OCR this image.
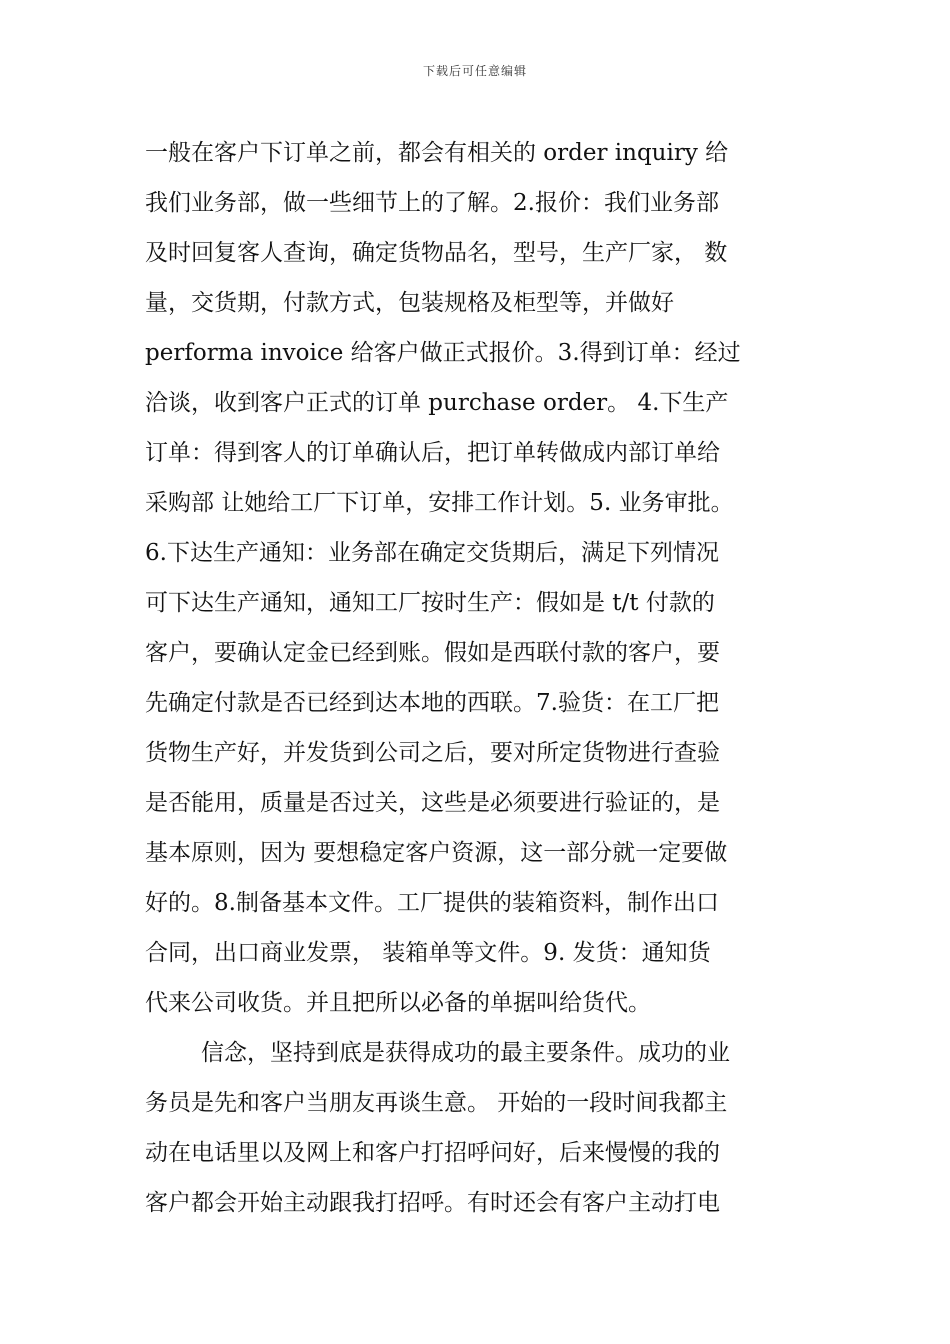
下载后可任意编辑
一般在客户下订单之前，都会有相关的 order inquiry 给
我们业务部，做一些细节上的了解。2.报价：我们业务部
及时回复客人查询，确定货物品名，型号，生产厂家， 数
量，交货期，付款方式，包装规格及柜型等，并做好
performa invoice 给客户做正式报价。3.得到订单：经过
洽谈，收到客户正式的订单 purchase order。 4.下生产
订单：得到客人的订单确认后，把订单转做成内部订单给
采购部 让她给工厂下订单，安排工作计划。5. 业务审批。
6.下达生产通知：业务部在确定交货期后，满足下列情况
可下达生产通知，通知工厂按时生产：假如是 t/t 付款的
客户，要确认定金已经到账。假如是西联付款的客户，要
先确定付款是否已经到达本地的西联。7.验货：在工厂把
货物生产好，并发货到公司之后，要对所定货物进行查验
是否能用，质量是否过关，这些是必须要进行验证的，是
基本原则，因为 要想稳定客户资源，这一部分就一定要做
好的。8.制备基本文件。工厂提供的装箱资料，制作出口
合同，出口商业发票， 装箱单等文件。9. 发货：通知货
代来公司收货。并且把所以必备的单据叫给货代。
信念，坚持到底是获得成功的最主要条件。成功的业
务员是先和客户当朋友再谈生意。 开始的一段时间我都主
动在电话里以及网上和客户打招呼问好，后来慢慢的我的
客户都会开始主动跟我打招呼。有时还会有客户主动打电
